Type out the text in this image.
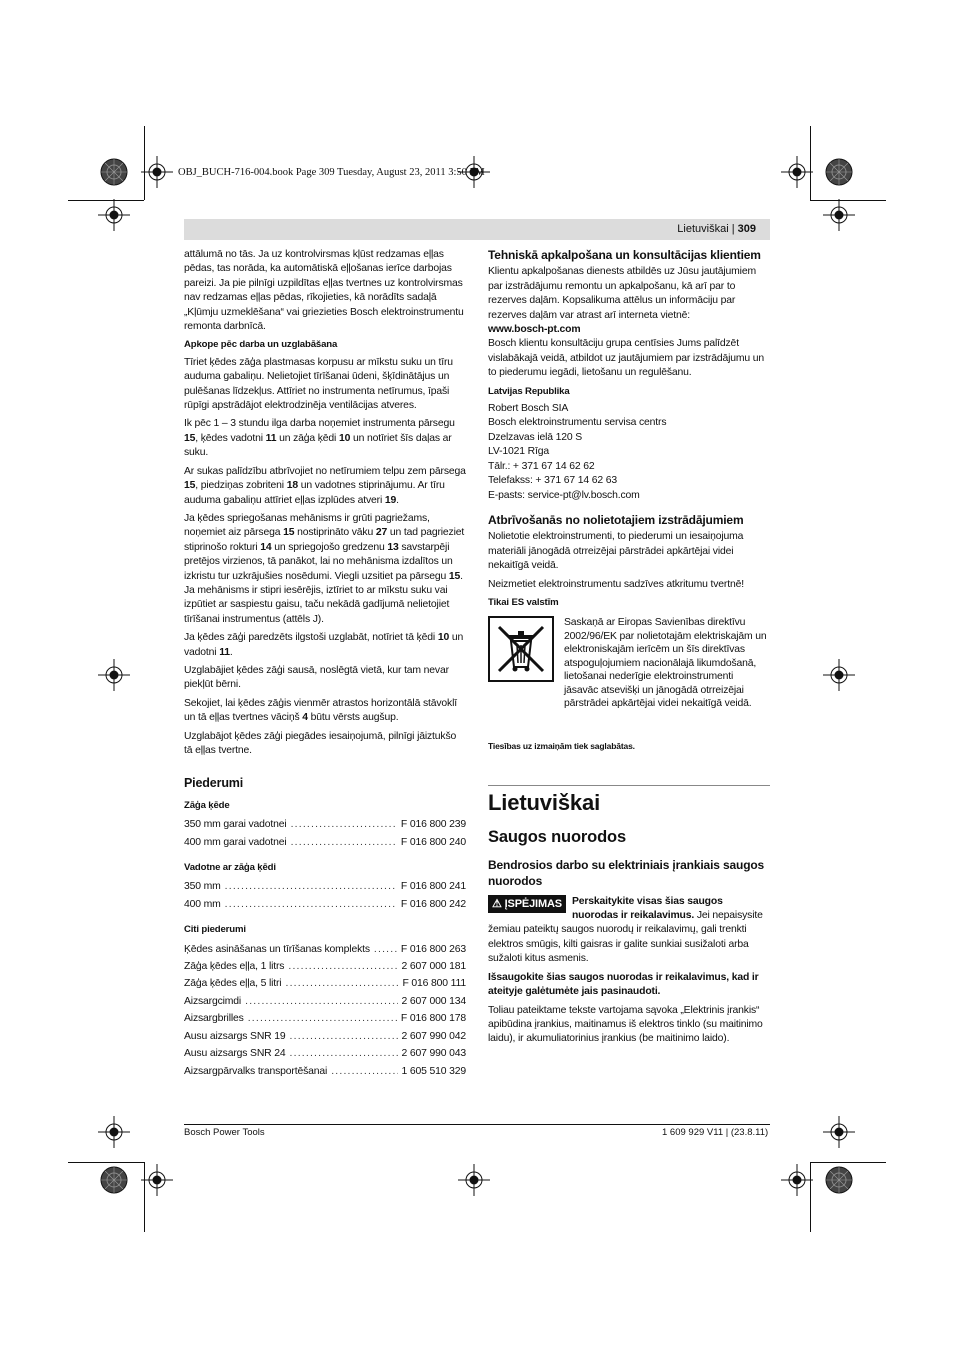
OBJ_BUCH-716-004.book Page 309 Tuesday, August 23, 2011 3:50 PM
Lietuviškai | 309

attālumā no tās. Ja uz kontrolvirsmas kļūst redzamas eļļas pēdas, tas norāda, ka automātiskā eļļošanas ierīce darbojas pareizi. Ja pie pilnīgi uzpildītas eļļas tvertnes uz kontrolvirsmas nav redzamas eļļas pēdas, rīkojieties, kā norādīts sadaļā „Kļūmju uzmeklēšana“ vai griezieties Bosch elektroinstrumentu remonta darbnīcā.

Apkope pēc darba un uzglabāšana

Tīriet ķēdes zāģa plastmasas korpusu ar mīkstu suku un tīru auduma gabaliņu. Nelietojiet tīrīšanai ūdeni, šķīdinātājus un pulēšanas līdzekļus. Attīriet no instrumenta netīrumus, īpaši rūpīgi apstrādājot elektrodzinēja ventilācijas atveres.

Ik pēc 1 – 3 stundu ilga darba noņemiet instrumenta pārsegu 15, ķēdes vadotni 11 un zāģa ķēdi 10 un notīriet šīs daļas ar suku.

Ar sukas palīdzību atbrīvojiet no netīrumiem telpu zem pārsega 15, piedziņas zobriteni 18 un vadotnes stiprinājumu. Ar tīru auduma gabaliņu attīriet eļļas izplūdes atveri 19.

Ja ķēdes spriegošanas mehānisms ir grūti pagriežams, noņemiet aiz pārsega 15 nostiprināto vāku 27 un tad pagrieziet stiprinošo rokturi 14 un spriegojošo gredzenu 13 savstarpēji pretējos virzienos, tā panākot, lai no mehānisma izdalītos un izkristu tur uzkrājušies nosēdumi. Viegli uzsitiet pa pārsegu 15. Ja mehānisms ir stipri iesērējis, iztīriet to ar mīkstu suku vai izpūtiet ar saspiestu gaisu, taču nekādā gadījumā nelietojiet tīrīšanai instrumentus (attēls J).

Ja ķēdes zāģi paredzēts ilgstoši uzglabāt, notīriet tā ķēdi 10 un vadotni 11.

Uzglabājiet ķēdes zāģi sausā, noslēgtā vietā, kur tam nevar piekļūt bērni.

Sekojiet, lai ķēdes zāģis vienmēr atrastos horizontālā stāvoklī un tā eļļas tvertnes vāciņš 4 būtu vērsts augšup.

Uzglabājot ķēdes zāģi piegādes iesaiņojumā, pilnīgi jāiztukšo tā eļļas tvertne.

Piederumi
Zāģa ķēde
350 mm garai vadotnei .....	F 016 800 239
400 mm garai vadotnei .....	F 016 800 240
Vadotne ar zāģa ķēdi
350 mm .....	F 016 800 241
400 mm .....	F 016 800 242
Citi piederumi
Ķēdes asināšanas un tīrīšanas komplekts .....	F 016 800 263
Zāģa ķēdes eļļa, 1 litrs .....	2 607 000 181
Zāģa ķēdes eļļa, 5 litri .....	F 016 800 111
Aizsargcimdi .....	2 607 000 134
Aizsargbrilles .....	F 016 800 178
Ausu aizsargs SNR 19 .....	2 607 990 042
Ausu aizsargs SNR 24 .....	2 607 990 043
Aizsargpārvalks transportēšanai .....	1 605 510 329
Tehniskā apkalpošana un konsultācijas klientiem

Klientu apkalpošanas dienests atbildēs uz Jūsu jautājumiem par izstrādājumu remontu un apkalpošanu, kā arī par to rezerves daļām. Kopsalikuma attēlus un informāciju par rezerves daļām var atrast arī interneta vietnē:

www.bosch-pt.com

Bosch klientu konsultāciju grupa centīsies Jums palīdzēt vislabākajā veidā, atbildot uz jautājumiem par izstrādājumu un to piederumu iegādi, lietošanu un regulēšanu.

Latvijas Republika
Robert Bosch SIA
Bosch elektroinstrumentu servisa centrs
Dzelzavas ielā 120 S
LV-1021 Rīga
Tālr.: + 371 67 14 62 62
Telefakss: + 371 67 14 62 63
E-pasts: service-pt@lv.bosch.com
Atbrīvošanās no nolietotajiem izstrādājumiem

Nolietotie elektroinstrumenti, to piederumi un iesaiņojuma materiāli jānogādā otrreizējai pārstrādei apkārtējai videi nekaitīgā veidā.

Neizmetiet elektroinstrumentu sadzīves atkritumu tvertnē!

Tikai ES valstīm
Saskaņā ar Eiropas Savienības direktīvu 2002/96/EK par nolietotajām elektriskajām un elektroniskajām ierīcēm un šīs direktīvas atspoguļojumiem nacionālajā likumdošanā, lietošanai nederīgie elektroinstrumenti jāsavāc atsevišķi un jānogādā otrreizējai pārstrādei apkārtējai videi nekaitīgā veidā.
Tiesības uz izmaiņām tiek saglabātas.
Lietuviškai
Saugos nuorodos
Bendrosios darbo su elektriniais įrankiais saugos nuorodos

⚠ ĮSPĖJIMAS Perskaitykite visas šias saugos nuorodas ir reikalavimus. Jei nepaisysite žemiau pateiktų saugos nuorodų ir reikalavimų, gali trenkti elektros smūgis, kilti gaisras ir galite sunkiai susižaloti arba sužaloti kitus asmenis.

Išsaugokite šias saugos nuorodas ir reikalavimus, kad ir ateityje galėtumėte jais pasinaudoti.

Toliau pateiktame tekste vartojama sąvoka „Elektrinis įrankis“ apibūdina įrankius, maitinamus iš elektros tinklo (su maitinimo laidu), ir akumuliatorinius įrankius (be maitinimo laido).

Bosch Power Tools	1 609 929 V11 | (23.8.11)
